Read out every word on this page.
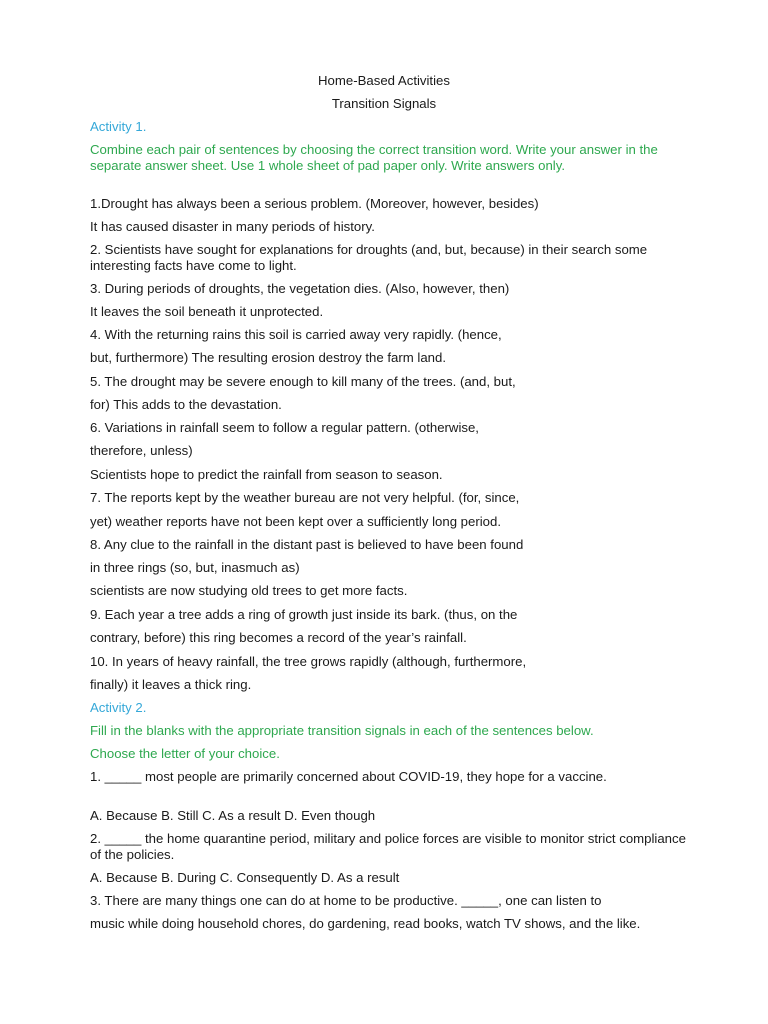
Home-Based Activities
Transition Signals
Activity 1.
Combine each pair of sentences by choosing the correct transition word. Write your answer in the separate answer sheet. Use 1 whole sheet of pad paper only. Write answers only.
1.Drought has always been a serious problem. (Moreover, however, besides)
It has caused disaster in many periods of history.
2. Scientists have sought for explanations for droughts (and, but, because) in their search some interesting facts have come to light.
3. During periods of droughts, the vegetation dies. (Also, however, then)
It leaves the soil beneath it unprotected.
4. With the returning rains this soil is carried away very rapidly. (hence,
but, furthermore) The resulting erosion destroy the farm land.
5. The drought may be severe enough to kill many of the trees. (and, but,
for) This adds to the devastation.
6. Variations in rainfall seem to follow a regular pattern. (otherwise,
therefore, unless)
Scientists hope to predict the rainfall from season to season.
7. The reports kept by the weather bureau are not very helpful. (for, since,
yet) weather reports have not been kept over a sufficiently long period.
8. Any clue to the rainfall in the distant past is believed to have been found
in three rings (so, but, inasmuch as)
scientists are now studying old trees to get more facts.
9. Each year a tree adds a ring of growth just inside its bark. (thus, on the
contrary, before) this ring becomes a record of the year’s rainfall.
10. In years of heavy rainfall, the tree grows rapidly (although, furthermore,
finally) it leaves a thick ring.
Activity 2.
Fill in the blanks with the appropriate transition signals in each of the sentences below.
Choose the letter of your choice.
1. _____ most people are primarily concerned about COVID-19, they hope for a vaccine.
A. Because B. Still C. As a result D. Even though
2. _____ the home quarantine period, military and police forces are visible to monitor strict compliance of the policies.
A. Because B. During C. Consequently D. As a result
3. There are many things one can do at home to be productive. _____, one can listen to
music while doing household chores, do gardening, read books, watch TV shows, and the like.
